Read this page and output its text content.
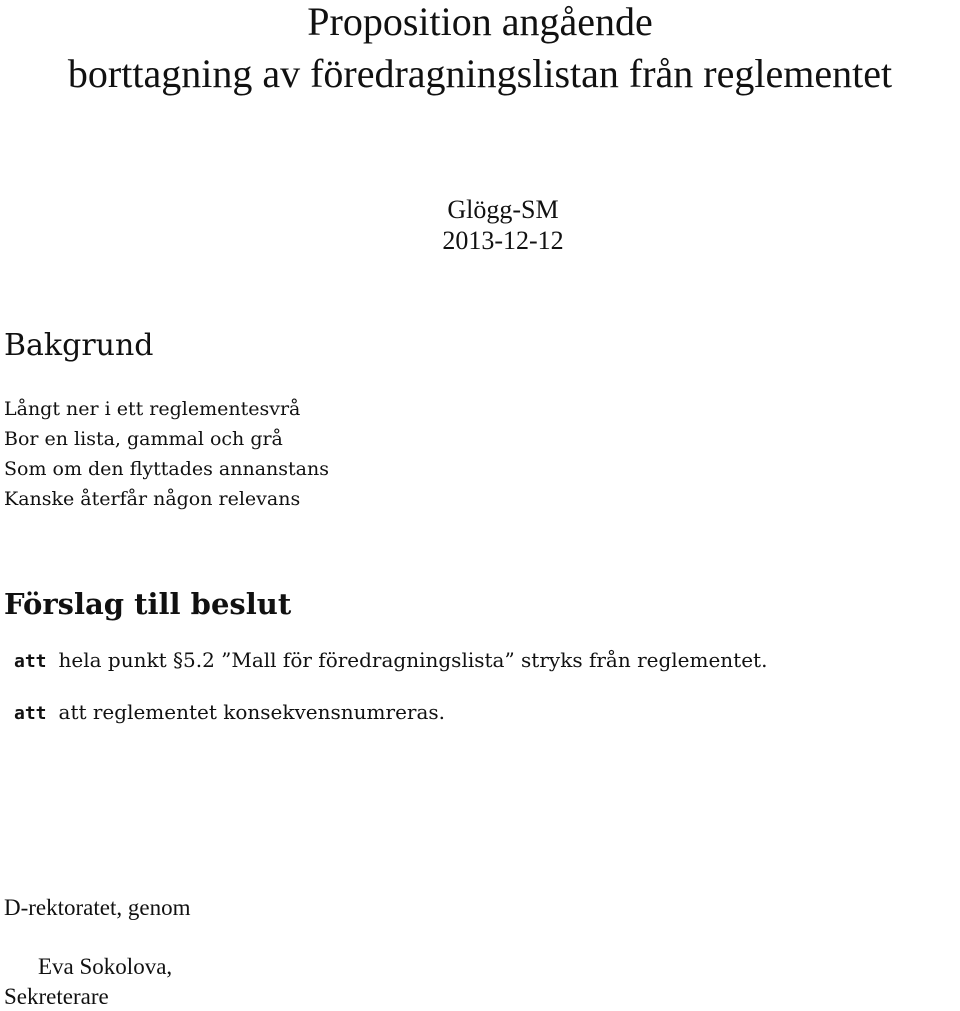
Proposition angående
borttagning av föredragningslistan från reglementet
Glögg-SM
2013-12-12
Bakgrund
Långt ner i ett reglementesvrå
Bor en lista, gammal och grå
Som om den flyttades annanstans
Kanske återfår någon relevans
Förslag till beslut
att hela punkt §5.2 ”Mall för föredragningslista” stryks från reglementet.
att att reglementet konsekvensnumreras.
D-rektoratet, genom
Eva Sokolova,
Sekreterare
